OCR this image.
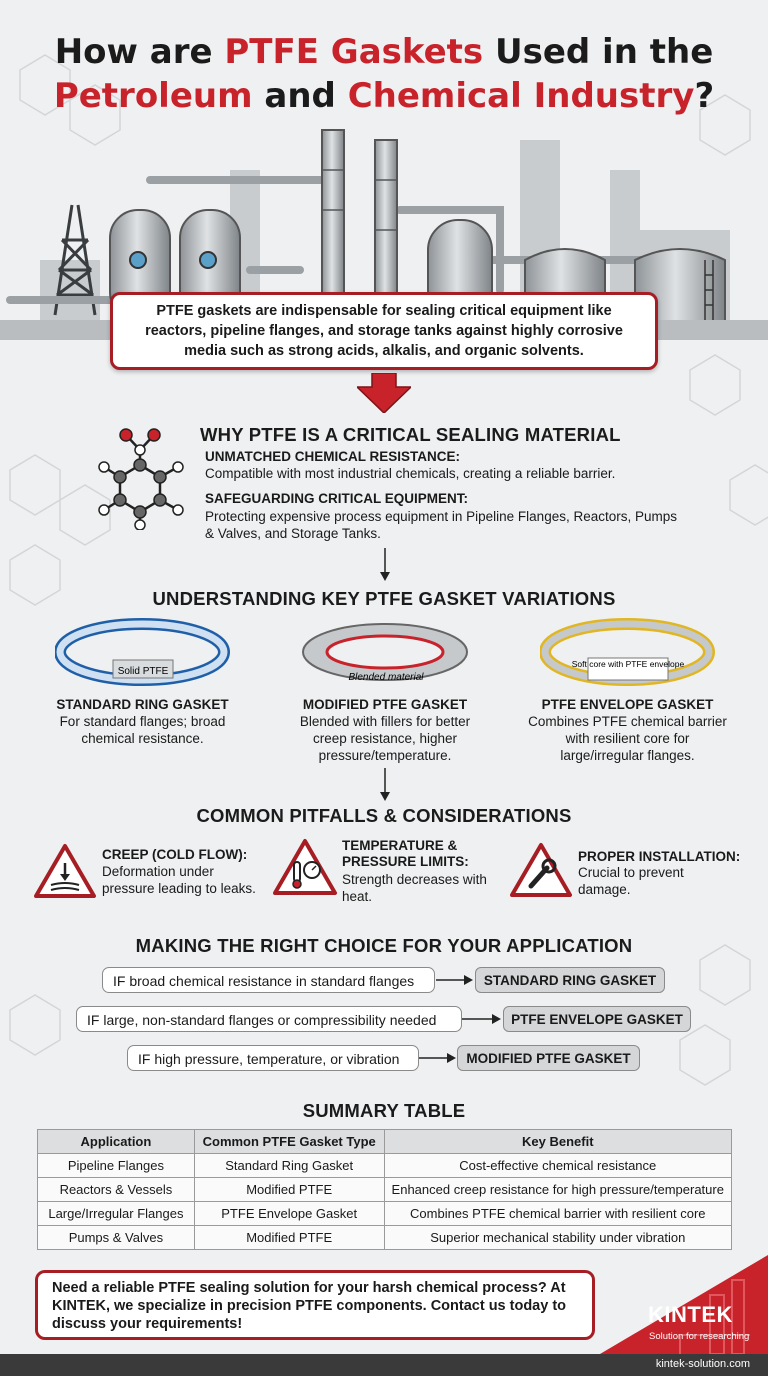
How are PTFE Gaskets Used in the
Petroleum and Chemical Industry?
PTFE gaskets are indispensable for sealing critical equipment like reactors, pipeline flanges, and storage tanks against highly corrosive media such as strong acids, alkalis, and organic solvents.
WHY PTFE IS A CRITICAL SEALING MATERIAL
UNMATCHED CHEMICAL RESISTANCE:
Compatible with most industrial chemicals, creating a reliable barrier.
SAFEGUARDING CRITICAL EQUIPMENT:
Protecting expensive process equipment in Pipeline Flanges, Reactors, Pumps & Valves, and Storage Tanks.
UNDERSTANDING KEY PTFE GASKET VARIATIONS
Solid PTFE
Blended material
Soft core with PTFE envelope
STANDARD RING GASKET
For standard flanges; broad chemical resistance.
MODIFIED PTFE GASKET
Blended with fillers for better creep resistance, higher pressure/temperature.
PTFE ENVELOPE GASKET
Combines PTFE chemical barrier with resilient core for large/irregular flanges.
COMMON PITFALLS & CONSIDERATIONS
CREEP (COLD FLOW):
Deformation under pressure leading to leaks.
TEMPERATURE & PRESSURE LIMITS:
Strength decreases with heat.
PROPER INSTALLATION:
Crucial to prevent damage.
MAKING THE RIGHT CHOICE FOR YOUR APPLICATION
IF broad chemical resistance in standard flanges	STANDARD RING GASKET
IF large, non-standard flanges or compressibility needed	PTFE ENVELOPE GASKET
IF high pressure, temperature, or vibration	MODIFIED PTFE GASKET
SUMMARY TABLE
Application	Common PTFE Gasket Type	Key Benefit
Pipeline Flanges	Standard Ring Gasket	Cost-effective chemical resistance
Reactors & Vessels	Modified PTFE	Enhanced creep resistance for high pressure/temperature
Large/Irregular Flanges	PTFE Envelope Gasket	Combines PTFE chemical barrier with resilient core
Pumps & Valves	Modified PTFE	Superior mechanical stability under vibration
KINTEK
Solution for researching
Need a reliable PTFE sealing solution for your harsh chemical process? At KINTEK, we specialize in precision PTFE components. Contact us today to discuss your requirements!
kintek-solution.com
